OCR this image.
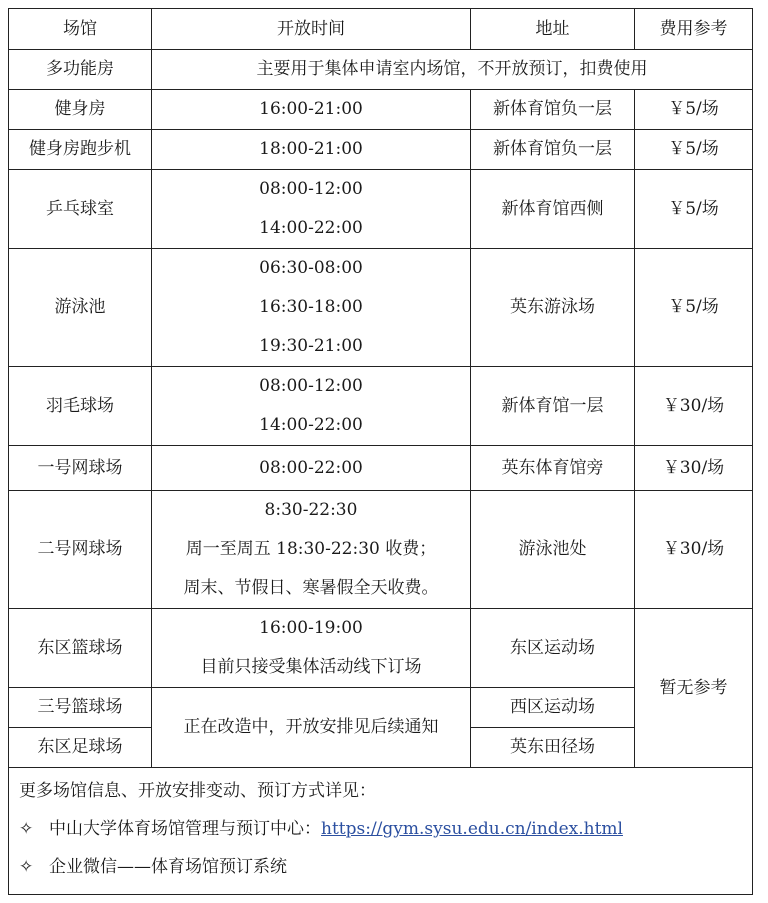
场馆	开放时间	地址	费用参考
多功能房	主要用于集体申请室内场馆，不开放预订，扣费使用		
健身房	16:00-21:00	新体育馆负一层	￥5/场
健身房跑步机	18:00-21:00	新体育馆负一层	￥5/场
乒乓球室	08:00-12:00
14:00-22:00	新体育馆西侧	￥5/场
游泳池	06:30-08:00
16:30-18:00
19:30-21:00	英东游泳场	￥5/场
羽毛球场	08:00-12:00
14:00-22:00	新体育馆一层	￥30/场
一号网球场	08:00-22:00	英东体育馆旁	￥30/场
二号网球场	8:30-22:30
周一至周五 18:30-22:30 收费；
周末、节假日、寒暑假全天收费。	游泳池处	￥30/场
东区篮球场	16:00-19:00
目前只接受集体活动线下订场	东区运动场	暂无参考
三号篮球场	正在改造中，开放安排见后续通知	西区运动场	
东区足球场		英东田径场	

更多场馆信息、开放安排变动、预订方式详见：
✧ 中山大学体育场馆管理与预订中心：https://gym.sysu.edu.cn/index.html
✧ 企业微信——体育场馆预订系统			
